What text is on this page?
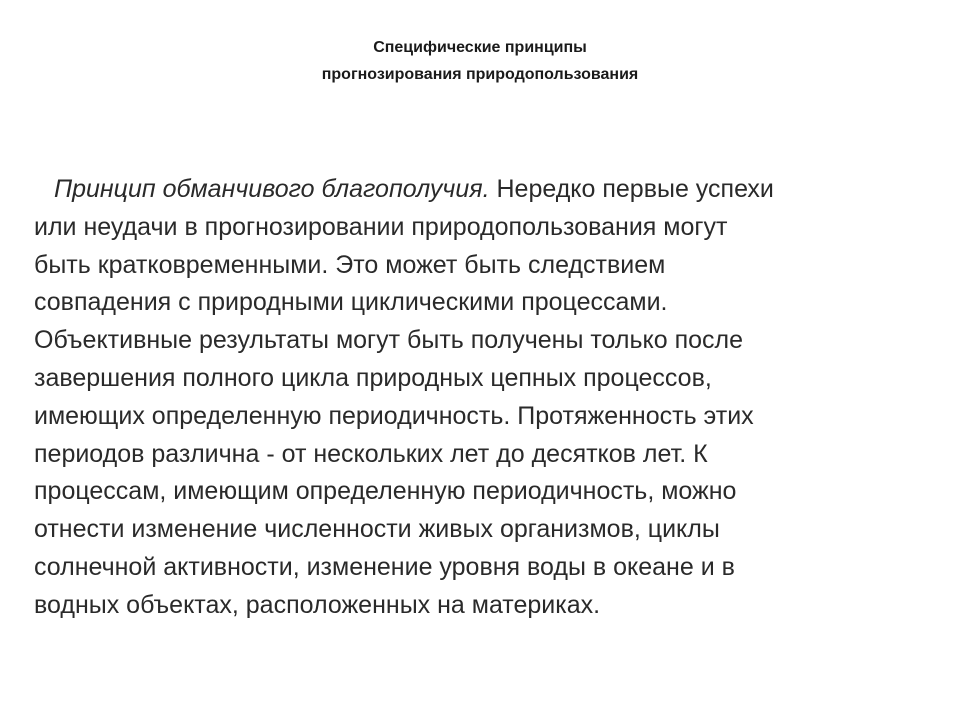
Специфические принципы
прогнозирования природопользования
Принцип обманчивого благополучия. Нередко первые успехи
или неудачи в прогнозировании природопользования могут
быть кратковременными. Это может быть следствием
совпадения с природными циклическими процессами.
Объективные результаты могут быть получены только после
завершения полного цикла природных цепных процессов,
имеющих определенную периодичность. Протяженность этих
периодов различна - от нескольких лет до десятков лет. К
процессам, имеющим определенную периодичность, можно
отнести изменение численности живых организмов, циклы
солнечной активности, изменение уровня воды в океане и в
водных объектах, расположенных на материках.
